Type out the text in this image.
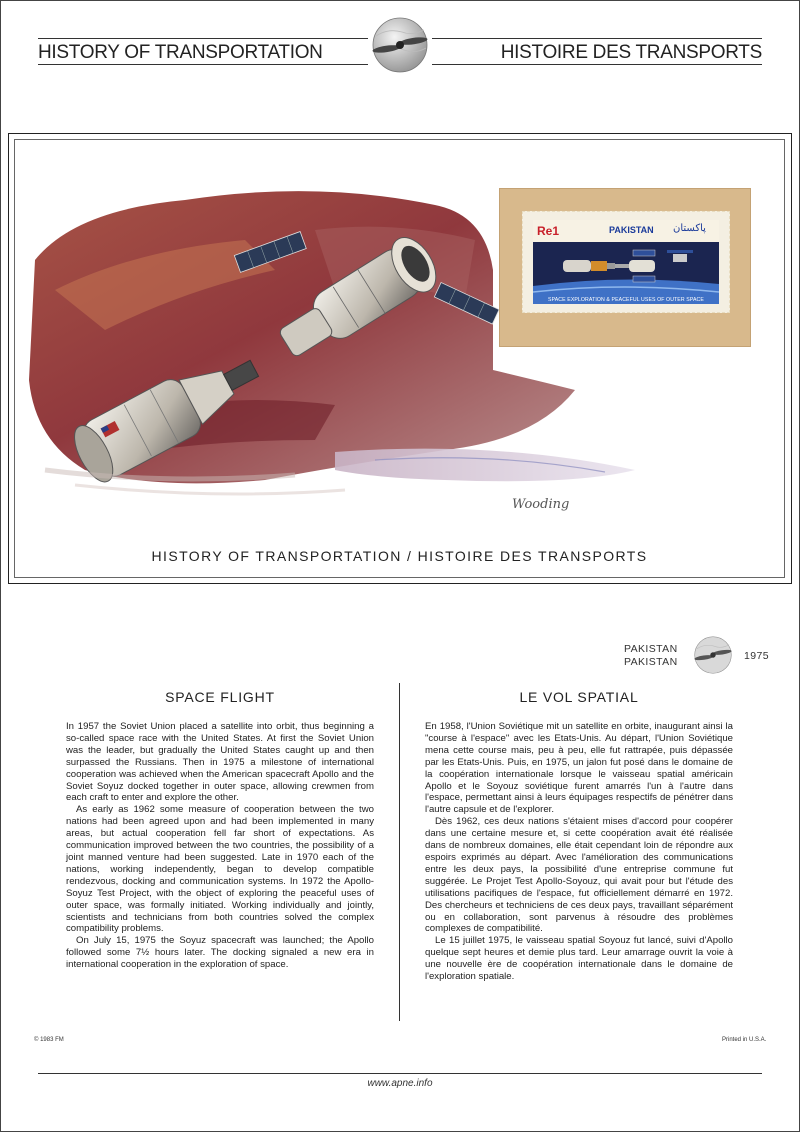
HISTORY OF TRANSPORTATION	HISTOIRE DES TRANSPORTS
Re1	PAKISTAN پاکستان
SPACE EXPLORATION & PEACEFUL USES OF OUTER SPACE
Wooding
HISTORY OF TRANSPORTATION / HISTOIRE DES TRANSPORTS
PAKISTAN
PAKISTAN	1975
SPACE FLIGHT	LE VOL SPATIAL

In 1957 the Soviet Union placed a satellite into orbit, thus beginning a so-called space race with the United States. At first the Soviet Union was the leader, but gradually the United States caught up and then surpassed the Russians. Then in 1975 a milestone of international cooperation was achieved when the American spacecraft Apollo and the Soviet Soyuz docked together in outer space, allowing crewmen from each craft to enter and explore the other.

As early as 1962 some measure of cooperation between the two nations had been agreed upon and had been implemented in many areas, but actual cooperation fell far short of expectations. As communication improved between the two countries, the possibility of a joint manned venture had been suggested. Late in 1970 each of the nations, working independently, began to develop compatible rendezvous, docking and communication systems. In 1972 the Apollo-Soyuz Test Project, with the object of exploring the peaceful uses of outer space, was formally initiated. Working individually and jointly, scientists and technicians from both countries solved the complex compatibility problems.

On July 15, 1975 the Soyuz spacecraft was launched; the Apollo followed some 7½ hours later. The docking signaled a new era in international cooperation in the exploration of space.

En 1958, l'Union Soviétique mit un satellite en orbite, inaugurant ainsi la "course à l'espace" avec les Etats-Unis. Au départ, l'Union Soviétique mena cette course mais, peu à peu, elle fut rattrapée, puis dépassée par les Etats-Unis. Puis, en 1975, un jalon fut posé dans le domaine de la coopération internationale lorsque le vaisseau spatial américain Apollo et le Soyouz soviétique furent amarrés l'un à l'autre dans l'espace, permettant ainsi à leurs équipages respectifs de pénétrer dans l'autre capsule et de l'explorer.

Dès 1962, ces deux nations s'étaient mises d'accord pour coopérer dans une certaine mesure et, si cette coopération avait été réalisée dans de nombreux domaines, elle était cependant loin de répondre aux espoirs exprimés au départ. Avec l'amélioration des communications entre les deux pays, la possibilité d'une entreprise commune fut suggérée. Le Projet Test Apollo-Soyouz, qui avait pour but l'étude des utilisations pacifiques de l'espace, fut officiellement démarré en 1972. Des chercheurs et techniciens de ces deux pays, travaillant séparément ou en collaboration, sont parvenus à résoudre des problèmes complexes de compatibilité.

Le 15 juillet 1975, le vaisseau spatial Soyouz fut lancé, suivi d'Apollo quelque sept heures et demie plus tard. Leur amarrage ouvrit la voie à une nouvelle ère de coopération internationale dans le domaine de l'exploration spatiale.

© 1983 FM	Printed in U.S.A.
www.apne.info
